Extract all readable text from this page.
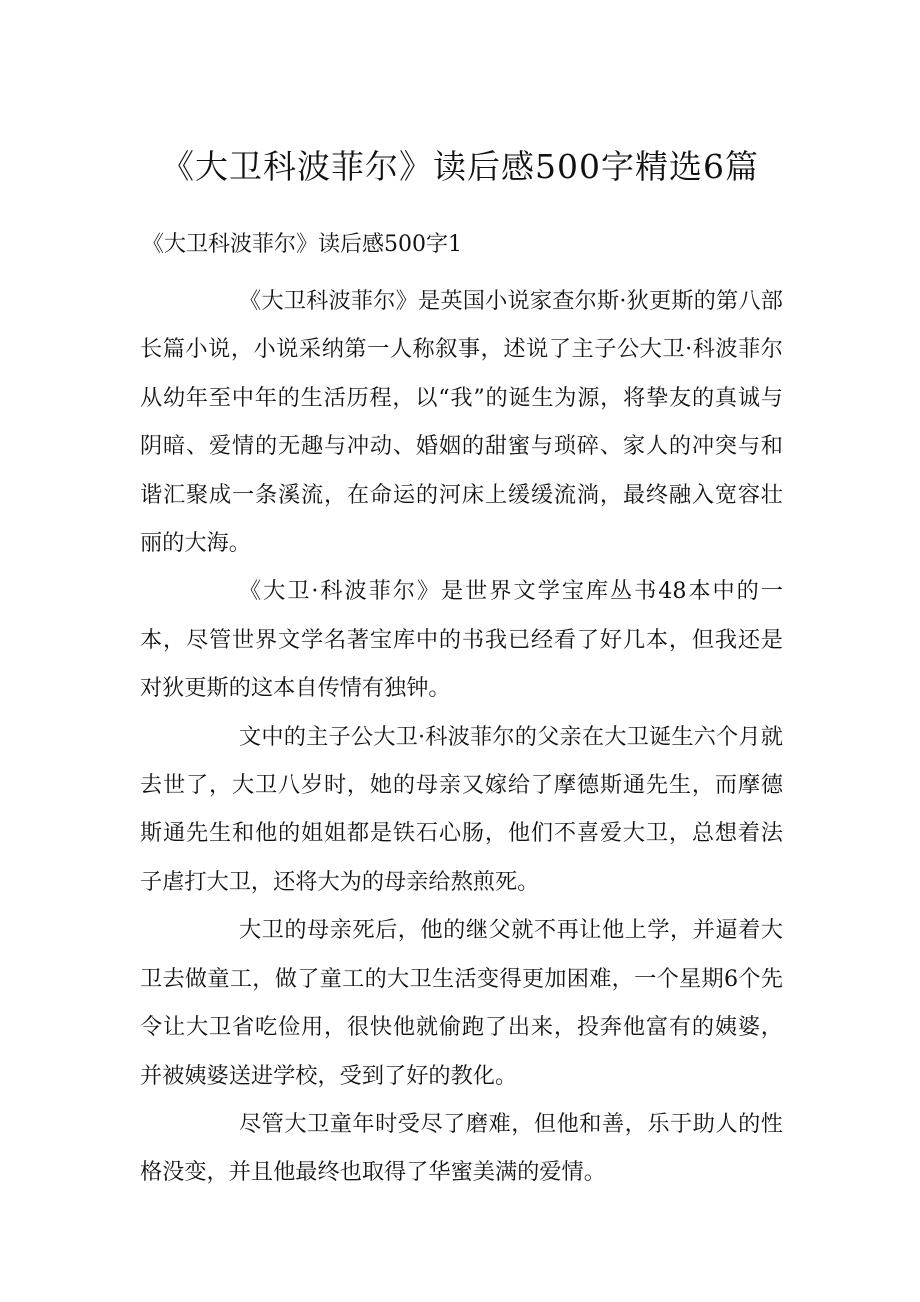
《大卫科波菲尔》读后感500字精选6篇

《大卫科波菲尔》读后感500字1

《大卫科波菲尔》是英国小说家查尔斯·狄更斯的第八部长篇小说，小说采纳第一人称叙事，述说了主子公大卫·科波菲尔从幼年至中年的生活历程，以“我”的诞生为源，将挚友的真诚与阴暗、爱情的无趣与冲动、婚姻的甜蜜与琐碎、家人的冲突与和谐汇聚成一条溪流，在命运的河床上缓缓流淌，最终融入宽容壮丽的大海。

《大卫·科波菲尔》是世界文学宝库丛书48本中的一本，尽管世界文学名著宝库中的书我已经看了好几本，但我还是对狄更斯的这本自传情有独钟。

文中的主子公大卫·科波菲尔的父亲在大卫诞生六个月就去世了，大卫八岁时，她的母亲又嫁给了摩德斯通先生，而摩德斯通先生和他的姐姐都是铁石心肠，他们不喜爱大卫，总想着法子虐打大卫，还将大为的母亲给熬煎死。

大卫的母亲死后，他的继父就不再让他上学，并逼着大卫去做童工，做了童工的大卫生活变得更加困难，一个星期6个先令让大卫省吃俭用，很快他就偷跑了出来，投奔他富有的姨婆，并被姨婆送进学校，受到了好的教化。

尽管大卫童年时受尽了磨难，但他和善，乐于助人的性格没变，并且他最终也取得了华蜜美满的爱情。
